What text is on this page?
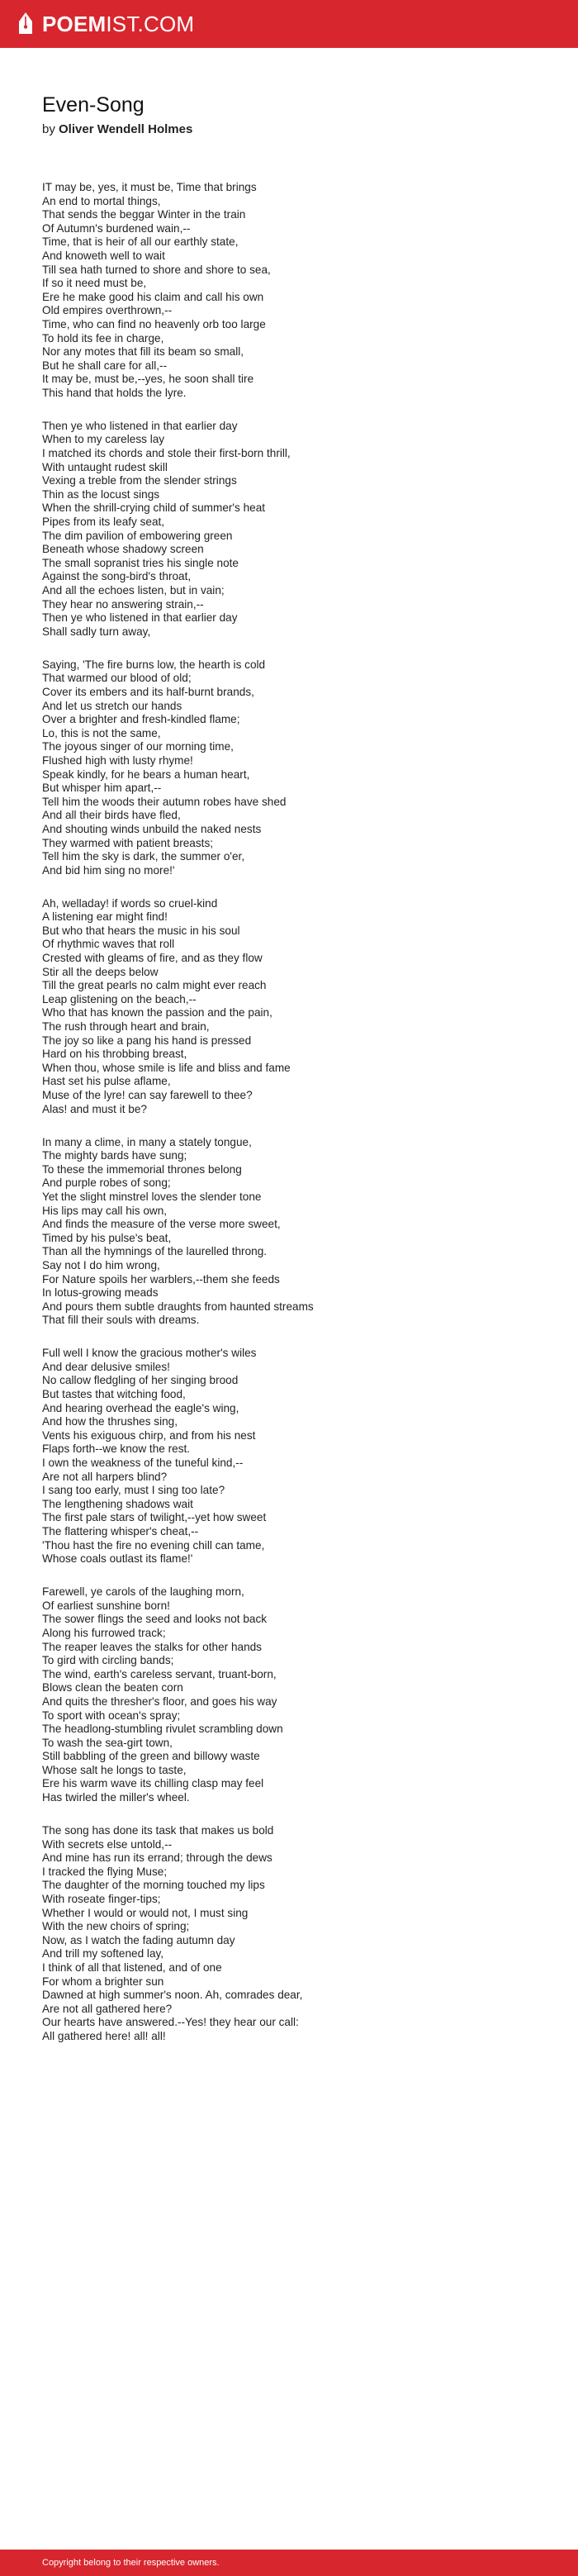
POEMIST.COM
Even-Song
by Oliver Wendell Holmes
IT may be, yes, it must be, Time that brings
An end to mortal things,
That sends the beggar Winter in the train
Of Autumn's burdened wain,--
Time, that is heir of all our earthly state,
And knoweth well to wait
Till sea hath turned to shore and shore to sea,
If so it need must be,
Ere he make good his claim and call his own
Old empires overthrown,--
Time, who can find no heavenly orb too large
To hold its fee in charge,
Nor any motes that fill its beam so small,
But he shall care for all,--
It may be, must be,--yes, he soon shall tire
This hand that holds the lyre.
Then ye who listened in that earlier day
When to my careless lay
I matched its chords and stole their first-born thrill,
With untaught rudest skill
Vexing a treble from the slender strings
Thin as the locust sings
When the shrill-crying child of summer's heat
Pipes from its leafy seat,
The dim pavilion of embowering green
Beneath whose shadowy screen
The small sopranist tries his single note
Against the song-bird's throat,
And all the echoes listen, but in vain;
They hear no answering strain,--
Then ye who listened in that earlier day
Shall sadly turn away,
Saying, 'The fire burns low, the hearth is cold
That warmed our blood of old;
Cover its embers and its half-burnt brands,
And let us stretch our hands
Over a brighter and fresh-kindled flame;
Lo, this is not the same,
The joyous singer of our morning time,
Flushed high with lusty rhyme!
Speak kindly, for he bears a human heart,
But whisper him apart,--
Tell him the woods their autumn robes have shed
And all their birds have fled,
And shouting winds unbuild the naked nests
They warmed with patient breasts;
Tell him the sky is dark, the summer o'er,
And bid him sing no more!'
Ah, welladay! if words so cruel-kind
A listening ear might find!
But who that hears the music in his soul
Of rhythmic waves that roll
Crested with gleams of fire, and as they flow
Stir all the deeps below
Till the great pearls no calm might ever reach
Leap glistening on the beach,--
Who that has known the passion and the pain,
The rush through heart and brain,
The joy so like a pang his hand is pressed
Hard on his throbbing breast,
When thou, whose smile is life and bliss and fame
Hast set his pulse aflame,
Muse of the lyre! can say farewell to thee?
Alas! and must it be?
In many a clime, in many a stately tongue,
The mighty bards have sung;
To these the immemorial thrones belong
And purple robes of song;
Yet the slight minstrel loves the slender tone
His lips may call his own,
And finds the measure of the verse more sweet,
Timed by his pulse's beat,
Than all the hymnings of the laurelled throng.
Say not I do him wrong,
For Nature spoils her warblers,--them she feeds
In lotus-growing meads
And pours them subtle draughts from haunted streams
That fill their souls with dreams.
Full well I know the gracious mother's wiles
And dear delusive smiles!
No callow fledgling of her singing brood
But tastes that witching food,
And hearing overhead the eagle's wing,
And how the thrushes sing,
Vents his exiguous chirp, and from his nest
Flaps forth--we know the rest.
I own the weakness of the tuneful kind,--
Are not all harpers blind?
I sang too early, must I sing too late?
The lengthening shadows wait
The first pale stars of twilight,--yet how sweet
The flattering whisper's cheat,--
'Thou hast the fire no evening chill can tame,
Whose coals outlast its flame!'
Farewell, ye carols of the laughing morn,
Of earliest sunshine born!
The sower flings the seed and looks not back
Along his furrowed track;
The reaper leaves the stalks for other hands
To gird with circling bands;
The wind, earth's careless servant, truant-born,
Blows clean the beaten corn
And quits the thresher's floor, and goes his way
To sport with ocean's spray;
The headlong-stumbling rivulet scrambling down
To wash the sea-girt town,
Still babbling of the green and billowy waste
Whose salt he longs to taste,
Ere his warm wave its chilling clasp may feel
Has twirled the miller's wheel.
The song has done its task that makes us bold
With secrets else untold,--
And mine has run its errand; through the dews
I tracked the flying Muse;
The daughter of the morning touched my lips
With roseate finger-tips;
Whether I would or would not, I must sing
With the new choirs of spring;
Now, as I watch the fading autumn day
And trill my softened lay,
I think of all that listened, and of one
For whom a brighter sun
Dawned at high summer's noon. Ah, comrades dear,
Are not all gathered here?
Our hearts have answered.--Yes! they hear our call:
All gathered here! all! all!
Copyright belong to their respective owners.
